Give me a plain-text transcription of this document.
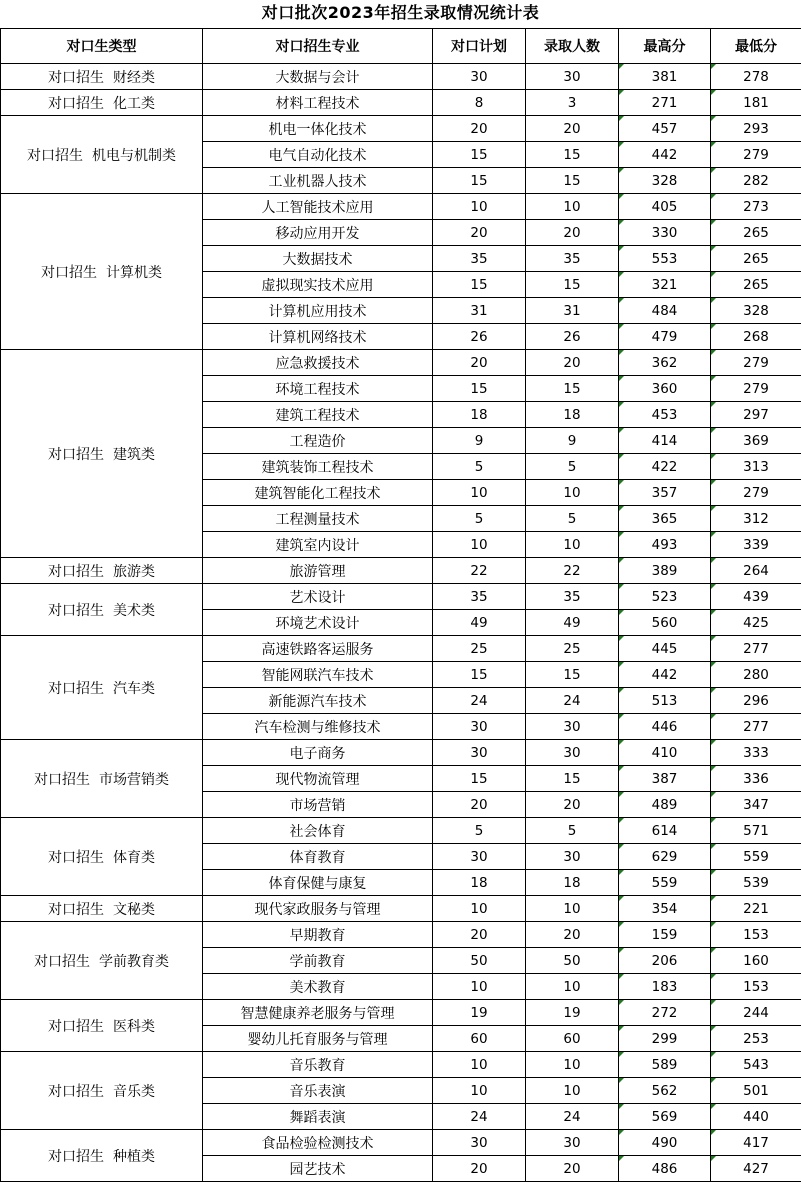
对口批次2023年招生录取情况统计表
对口生类型	对口招生专业	对口计划	录取人数	最高分	最低分
对口招生  财经类	大数据与会计	30	30	381	278
对口招生  化工类	材料工程技术	8	3	271	181
对口招生  机电与机制类	机电一体化技术	20	20	457	293
	电气自动化技术	15	15	442	279
	工业机器人技术	15	15	328	282
对口招生  计算机类	人工智能技术应用	10	10	405	273
	移动应用开发	20	20	330	265
	大数据技术	35	35	553	265
	虚拟现实技术应用	15	15	321	265
	计算机应用技术	31	31	484	328
	计算机网络技术	26	26	479	268
对口招生  建筑类	应急救援技术	20	20	362	279
	环境工程技术	15	15	360	279
	建筑工程技术	18	18	453	297
	工程造价	9	9	414	369
	建筑装饰工程技术	5	5	422	313
	建筑智能化工程技术	10	10	357	279
	工程测量技术	5	5	365	312
	建筑室内设计	10	10	493	339
对口招生  旅游类	旅游管理	22	22	389	264
对口招生  美术类	艺术设计	35	35	523	439
	环境艺术设计	49	49	560	425
对口招生  汽车类	高速铁路客运服务	25	25	445	277
	智能网联汽车技术	15	15	442	280
	新能源汽车技术	24	24	513	296
	汽车检测与维修技术	30	30	446	277
对口招生  市场营销类	电子商务	30	30	410	333
	现代物流管理	15	15	387	336
	市场营销	20	20	489	347
对口招生  体育类	社会体育	5	5	614	571
	体育教育	30	30	629	559
	体育保健与康复	18	18	559	539
对口招生  文秘类	现代家政服务与管理	10	10	354	221
对口招生  学前教育类	早期教育	20	20	159	153
	学前教育	50	50	206	160
	美术教育	10	10	183	153
对口招生  医科类	智慧健康养老服务与管理	19	19	272	244
	婴幼儿托育服务与管理	60	60	299	253
对口招生  音乐类	音乐教育	10	10	589	543
	音乐表演	10	10	562	501
	舞蹈表演	24	24	569	440
对口招生  种植类	食品检验检测技术	30	30	490	417
	园艺技术	20	20	486	427
